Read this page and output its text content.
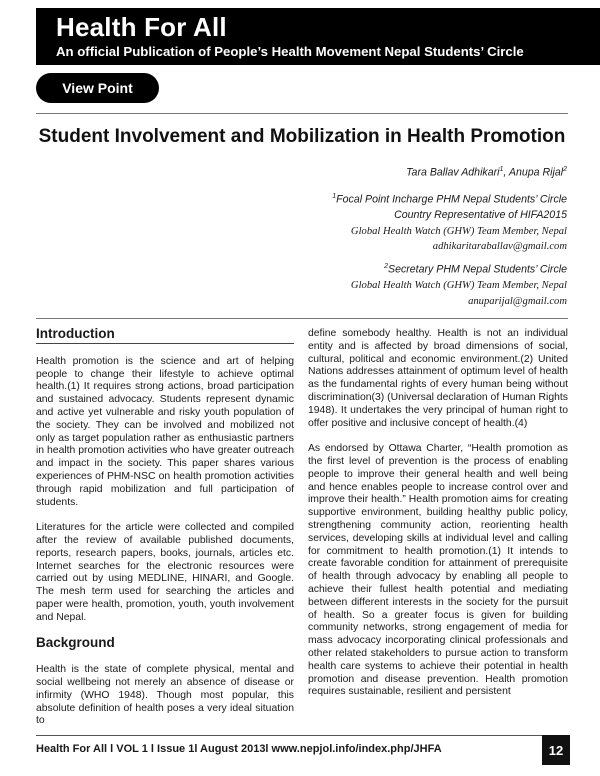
Health For All
An official Publication of People’s Health Movement Nepal Students’ Circle
View Point
Student Involvement and Mobilization in Health Promotion
Tara Ballav Adhikari$^1$, Anupa Rijal$^2$
$^1$Focal Point Incharge PHM Nepal Students’ Circle
Country Representative of HIFA2015
Global Health Watch (GHW) Team Member, Nepal
adhikaritaraballav@gmail.com
$^2$Secretary PHM Nepal Students’ Circle
Global Health Watch (GHW) Team Member, Nepal
anuparijal@gmail.com
Introduction

Health promotion is the science and art of helping people to change their lifestyle to achieve optimal health.(1) It requires strong actions, broad participation and sustained advocacy. Students represent dynamic and active yet vulnerable and risky youth population of the society. They can be involved and mobilized not only as target population rather as enthusiastic partners in health promotion activities who have greater outreach and impact in the society. This paper shares various experiences of PHM-NSC on health promotion activities through rapid mobilization and full participation of students.

Literatures for the article were collected and compiled after the review of available published documents, reports, research papers, books, journals, articles etc. Internet searches for the electronic resources were carried out by using MEDLINE, HINARI, and Google. The mesh term used for searching the articles and paper were health, promotion, youth, youth involvement and Nepal.

Background

Health is the state of complete physical, mental and social wellbeing not merely an absence of disease or infirmity (WHO 1948). Though most popular, this absolute definition of health poses a very ideal situation to

define somebody healthy. Health is not an individual entity and is affected by broad dimensions of social, cultural, political and economic environment.(2) United Nations addresses attainment of optimum level of health as the fundamental rights of every human being without discrimination(3) (Universal declaration of Human Rights 1948). It undertakes the very principal of human right to offer positive and inclusive concept of health.(4)

As endorsed by Ottawa Charter, “Health promotion as the first level of prevention is the process of enabling people to improve their general health and well being and hence enables people to increase control over and improve their health.” Health promotion aims for creating supportive environment, building healthy public policy, strengthening community action, reorienting health services, developing skills at individual level and calling for commitment to health promotion.(1) It intends to create favorable condition for attainment of prerequisite of health through advocacy by enabling all people to achieve their fullest health potential and mediating between different interests in the society for the pursuit of health. So a greater focus is given for building community networks, strong engagement of media for mass advocacy incorporating clinical professionals and other related stakeholders to pursue action to transform health care systems to achieve their potential in health promotion and disease prevention. Health promotion requires sustainable, resilient and persistent

Health For All l VOL 1 l Issue 1l August 2013l www.nepjol.info/index.php/JHFA	12
